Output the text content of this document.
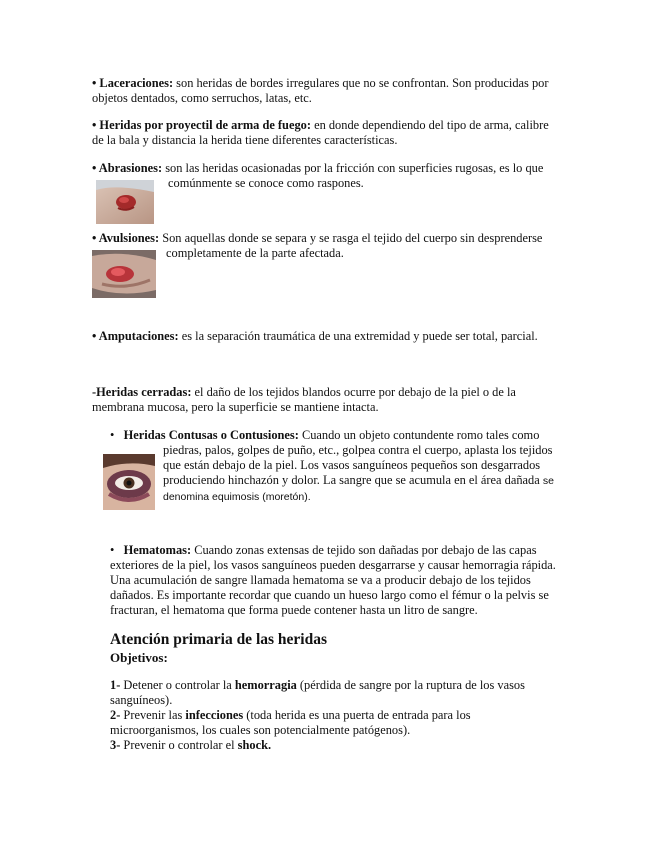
• Laceraciones: son heridas de bordes irregulares que no se confrontan. Son producidas por objetos dentados, como serruchos, latas, etc.
• Heridas por proyectil de arma de fuego: en donde dependiendo del tipo de arma, calibre de la bala y distancia la herida tiene diferentes características.
• Abrasiones: son las heridas ocasionadas por la fricción con superficies rugosas, es lo que
comúnmente se conoce como raspones.
• Avulsiones: Son aquellas donde se separa y se rasga el tejido del cuerpo sin desprenderse
completamente de la parte afectada.
• Amputaciones: es la separación traumática de una extremidad y puede ser total, parcial.
-Heridas cerradas: el daño de los tejidos blandos ocurre por debajo de la piel o de la membrana mucosa, pero la superficie se mantiene intacta.
• Heridas Contusas o Contusiones: Cuando un objeto contundente romo tales como
piedras, palos, golpes de puño, etc., golpea contra el cuerpo, aplasta los tejidos que están debajo de la piel. Los vasos sanguíneos pequeños son desgarrados produciendo hinchazón y dolor. La sangre que se acumula en el área dañada se denomina equimosis (moretón).
• Hematomas: Cuando zonas extensas de tejido son dañadas por debajo de las capas
exteriores de la piel, los vasos sanguíneos pueden desgarrarse y causar hemorragia rápida. Una acumulación de sangre llamada hematoma se va a producir debajo de los tejidos dañados. Es importante recordar que cuando un hueso largo como el fémur o la pelvis se fracturan, el hematoma que forma puede contener hasta un litro de sangre.
Atención primaria de las heridas
Objetivos:
1- Detener o controlar la hemorragia (pérdida de sangre por la ruptura de los vasos sanguíneos).
2- Prevenir las infecciones (toda herida es una puerta de entrada para los microorganismos, los cuales son potencialmente patógenos).
3- Prevenir o controlar el shock.
